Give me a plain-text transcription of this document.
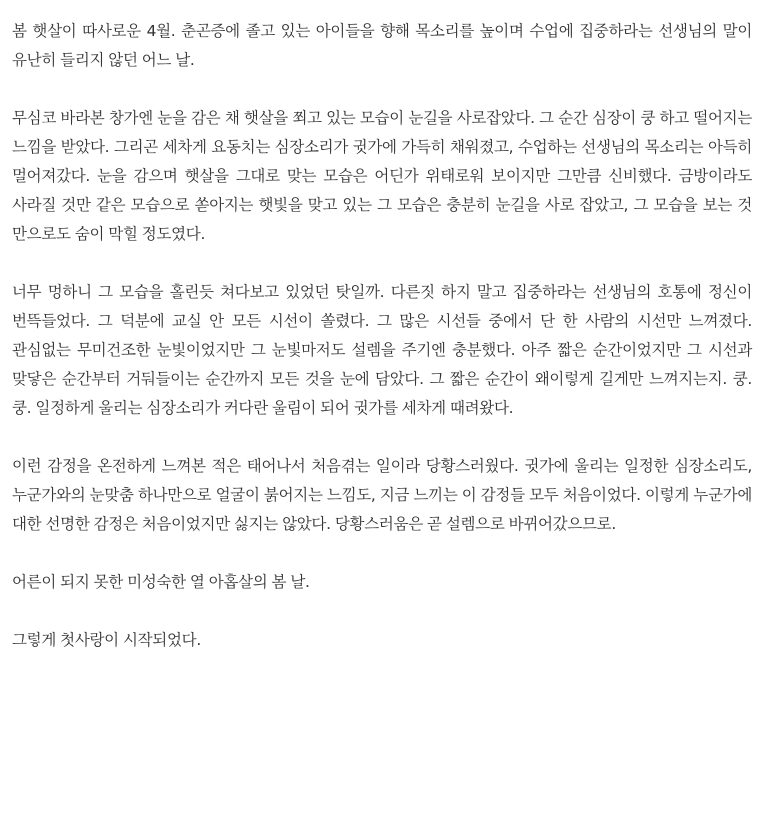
봄 햇살이 따사로운 4월. 춘곤증에 졸고 있는 아이들을 향해 목소리를 높이며 수업에 집중하라는 선생님의 말이 유난히 들리지 않던 어느 날.

무심코 바라본 창가엔 눈을 감은 채 햇살을 쬐고 있는 모습이 눈길을 사로잡았다. 그 순간 심장이 쿵 하고 떨어지는 느낌을 받았다. 그리곤 세차게 요동치는 심장소리가 귓가에 가득히 채워졌고, 수업하는 선생님의 목소리는 아득히 멀어져갔다. 눈을 감으며 햇살을 그대로 맞는 모습은 어딘가 위태로워 보이지만 그만큼 신비했다. 금방이라도 사라질 것만 같은 모습으로 쏟아지는 햇빛을 맞고 있는 그 모습은 충분히 눈길을 사로 잡았고, 그 모습을 보는 것 만으로도 숨이 막힐 정도였다.

너무 멍하니 그 모습을 홀린듯 쳐다보고 있었던 탓일까. 다른짓 하지 말고 집중하라는 선생님의 호통에 정신이 번뜩들었다. 그 덕분에 교실 안 모든 시선이 쏠렸다. 그 많은 시선들 중에서 단 한 사람의 시선만 느껴졌다. 관심없는 무미건조한 눈빛이었지만 그 눈빛마저도 설렘을 주기엔 충분했다. 아주 짧은 순간이었지만 그 시선과 맞닿은 순간부터 거둬들이는 순간까지 모든 것을 눈에 담았다. 그 짧은 순간이 왜이렇게 길게만 느껴지는지. 쿵. 쿵. 일정하게 울리는 심장소리가 커다란 울림이 되어 귓가를 세차게 때려왔다.

이런 감정을 온전하게 느껴본 적은 태어나서 처음겪는 일이라 당황스러웠다. 귓가에 울리는 일정한 심장소리도, 누군가와의 눈맞춤 하나만으로 얼굴이 붉어지는 느낌도, 지금 느끼는 이 감정들 모두 처음이었다. 이렇게 누군가에 대한 선명한 감정은 처음이었지만 싫지는 않았다. 당황스러움은 곧 설렘으로 바뀌어갔으므로.

어른이 되지 못한 미성숙한 열 아홉살의 봄 날.

그렇게 첫사랑이 시작되었다.
